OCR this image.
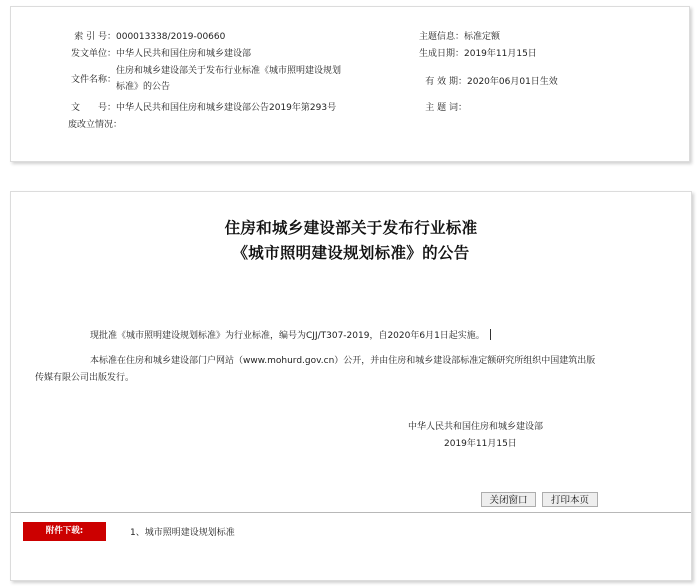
索 引 号：000013338/2019-00660
发文单位：中华人民共和国住房和城乡建设部
文件名称：住房和城乡建设部关于发布行业标准《城市照明建设规划
标准》的公告
文　　号：中华人民共和国住房和城乡建设部公告2019年第293号
废改立情况：
主题信息：标准定额
生成日期：2019年11月15日
有 效 期：2020年06月01日生效
主 题 词：
住房和城乡建设部关于发布行业标准
《城市照明建设规划标准》的公告
现批准《城市照明建设规划标准》为行业标准，编号为CJJ/T307-2019，自2020年6月1日起实施。
本标准在住房和城乡建设部门户网站（www.mohurd.gov.cn）公开，并由住房和城乡建设部标准定额研究所组织中国建筑出版
传媒有限公司出版发行。
中华人民共和国住房和城乡建设部
2019年11月15日
关闭窗口	打印本页
附件下载:	1、城市照明建设规划标准
